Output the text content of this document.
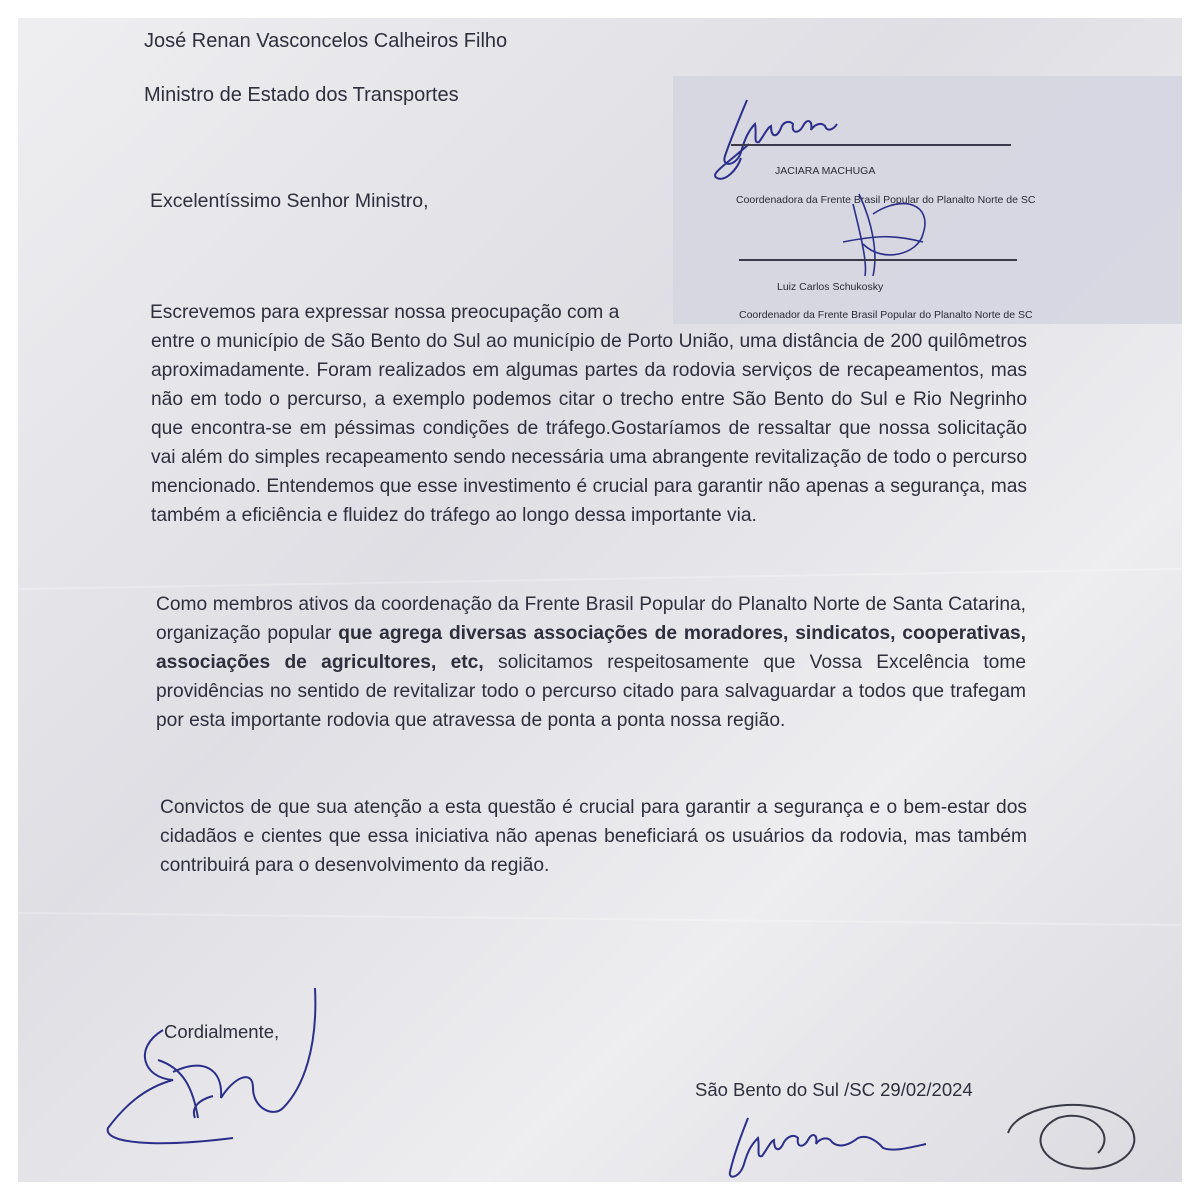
José Renan Vasconcelos Calheiros Filho
Ministro de Estado dos Transportes
Excelentíssimo Senhor Ministro,
JACIARA MACHUGA
Coordenadora da Frente Brasil Popular do Planalto Norte de SC
Luiz Carlos Schukosky
Coordenador da Frente Brasil Popular do Planalto Norte de SC
Escrevemos para expressar nossa preocupação com a
entre o município de São Bento do Sul ao município de Porto União, uma distância de 200 quilômetros aproximadamente. Foram realizados em algumas partes da rodovia serviços de recapeamentos, mas não em todo o percurso, a exemplo podemos citar o trecho entre São Bento do Sul e Rio Negrinho que encontra-se em péssimas condições de tráfego.Gostaríamos de ressaltar que nossa solicitação vai além do simples recapeamento sendo necessária uma abrangente revitalização de todo o percurso mencionado. Entendemos que esse investimento é crucial para garantir não apenas a segurança, mas também a eficiência e fluidez do tráfego ao longo dessa importante via.
Como membros ativos da coordenação da Frente Brasil Popular do Planalto Norte de Santa Catarina, organização popular que agrega diversas associações de moradores, sindicatos, cooperativas, associações de agricultores, etc, solicitamos respeitosamente que Vossa Excelência tome providências no sentido de revitalizar todo o percurso citado para salvaguardar a todos que trafegam por esta importante rodovia que atravessa de ponta a ponta nossa região.
Convictos de que sua atenção a esta questão é crucial para garantir a segurança e o bem-estar dos cidadãos e cientes que essa iniciativa não apenas beneficiará os usuários da rodovia, mas também contribuirá para o desenvolvimento da região.
Cordialmente,
São Bento do Sul /SC 29/02/2024
